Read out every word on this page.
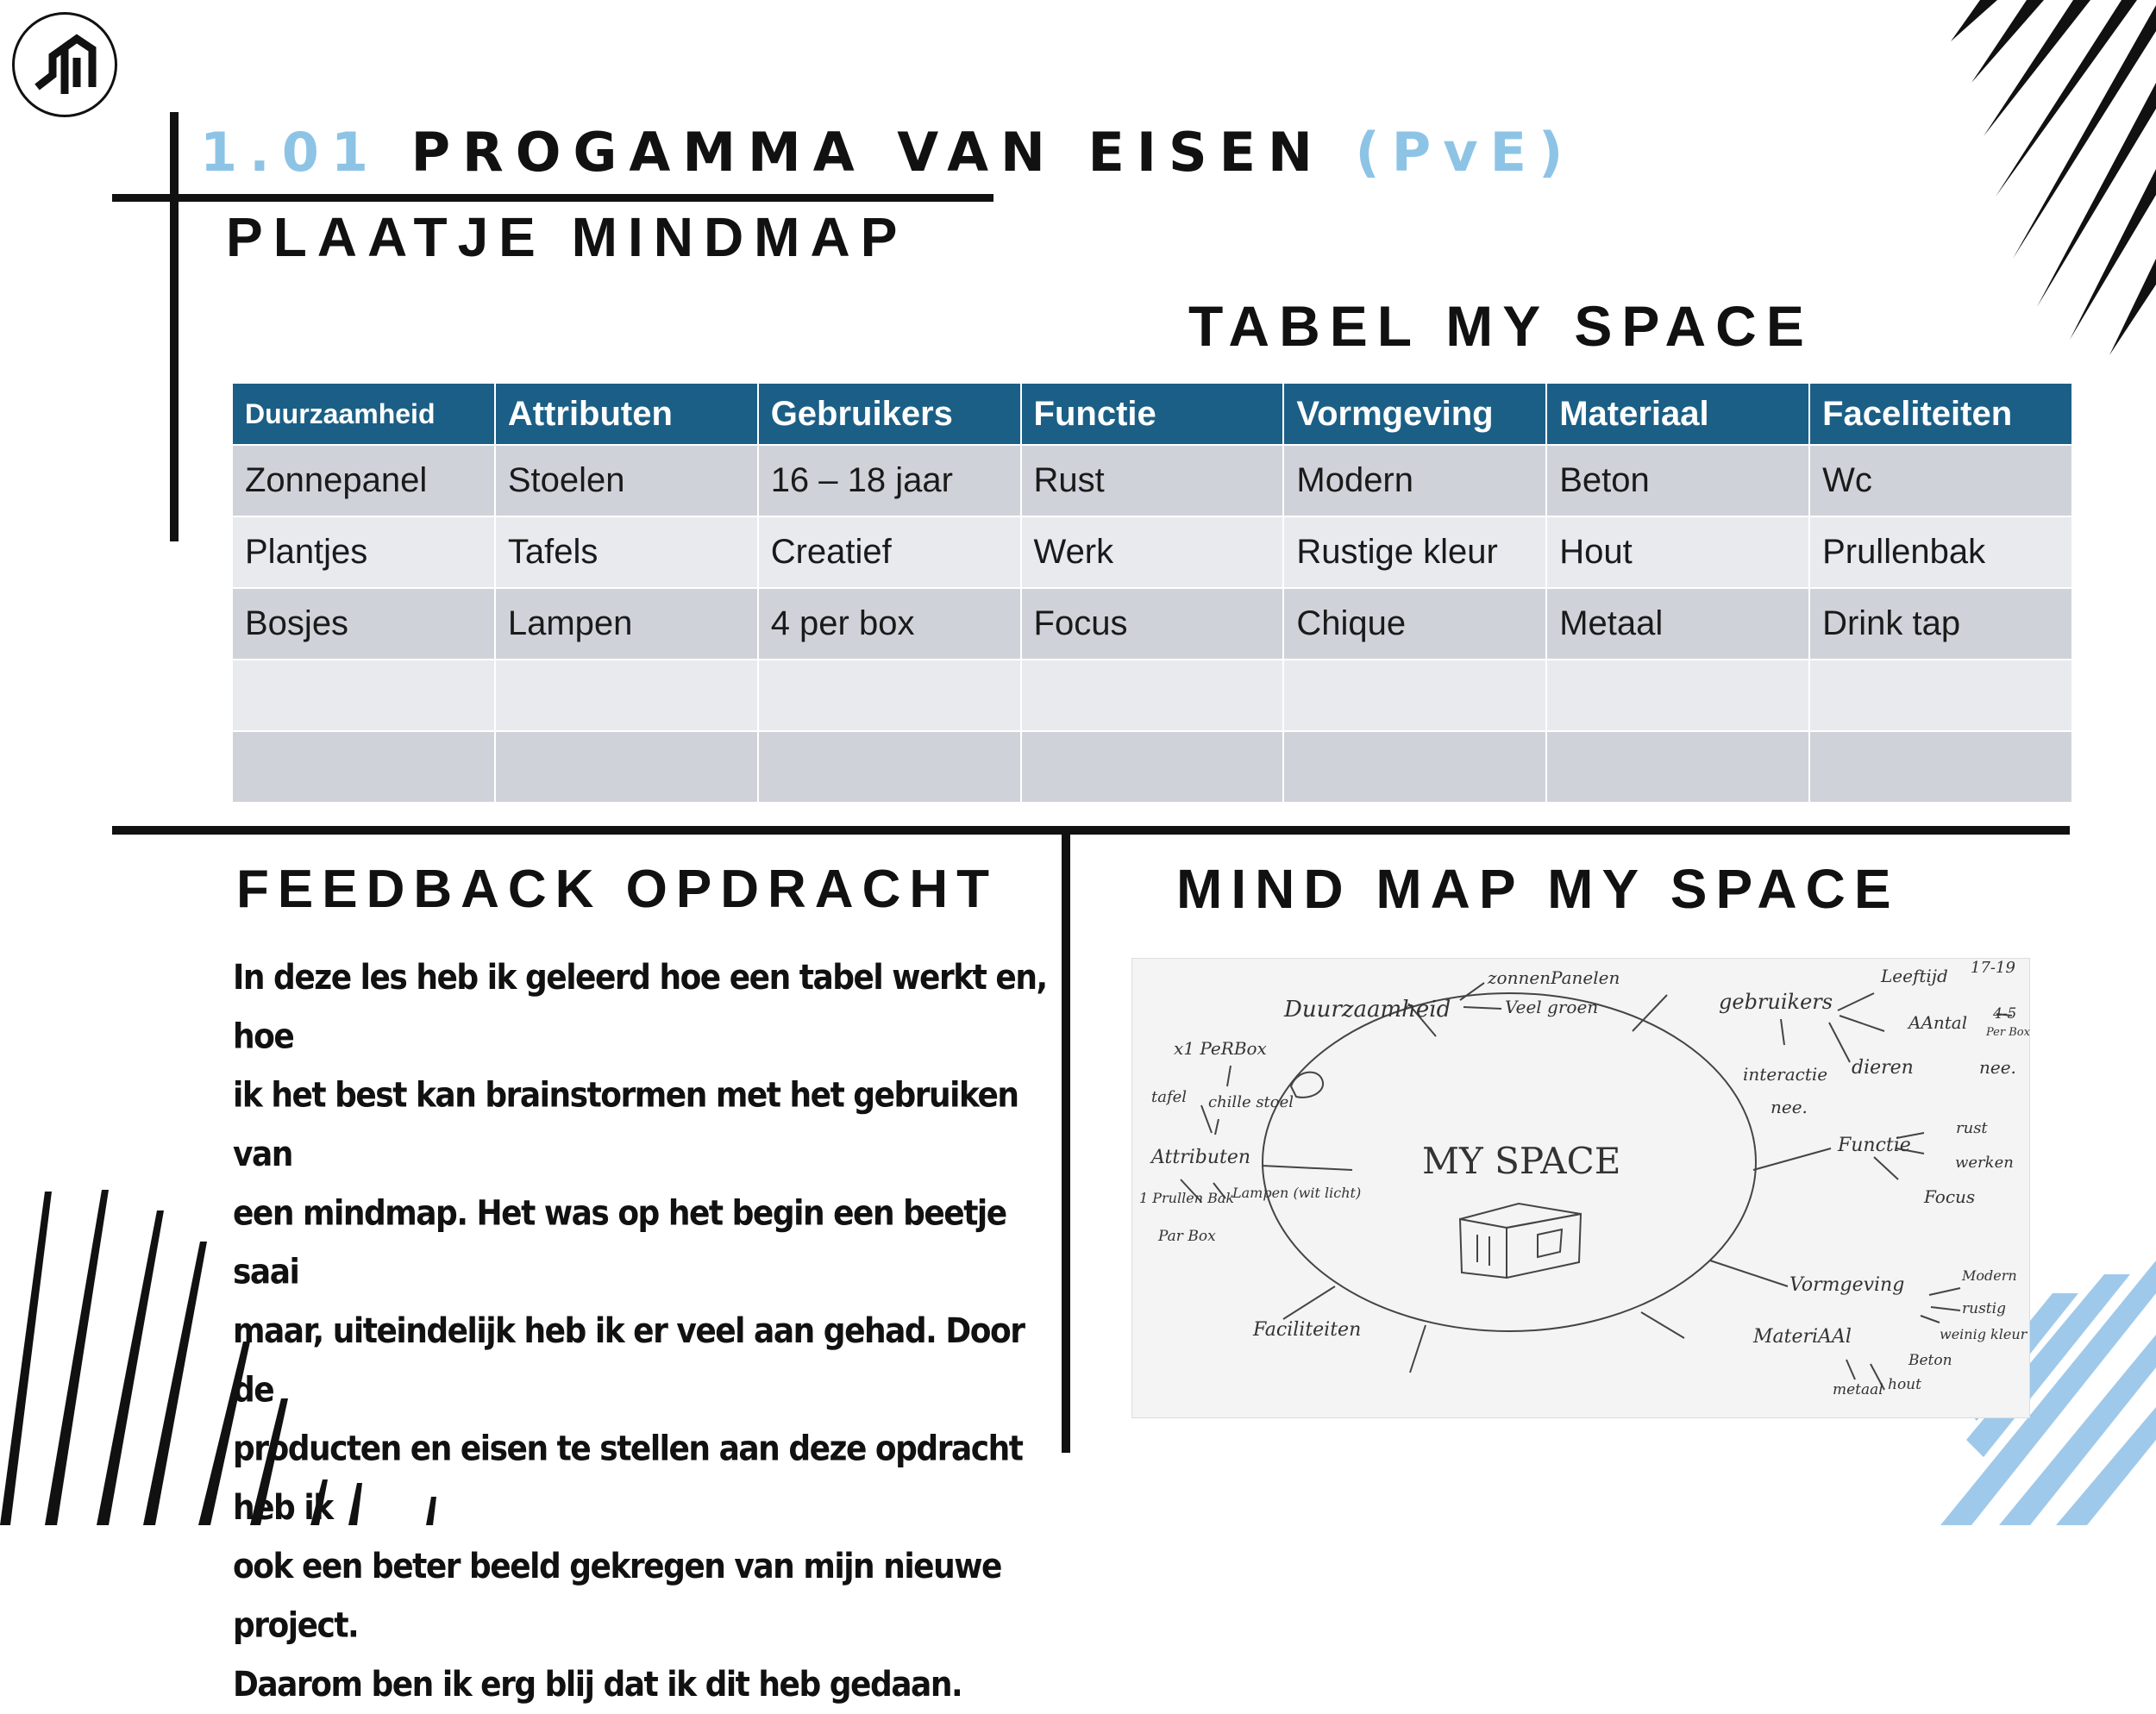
1.01 PROGAMMA VAN EISEN (PvE)
PLAATJE MINDMAP
TABEL MY SPACE
Duurzaamheid	Attributen	Gebruikers	Functie	Vormgeving	Materiaal	Faceliteiten
Zonnepanel	Stoelen	16 – 18 jaar	Rust	Modern	Beton	Wc
Plantjes	Tafels	Creatief	Werk	Rustige kleur	Hout	Prullenbak
Bosjes	Lampen	4 per box	Focus	Chique	Metaal	Drink tap

FEEDBACK OPDRACHT
In deze les heb ik geleerd hoe een tabel werkt en, hoe
ik het best kan brainstormen met het gebruiken van
een mindmap. Het was op het begin een beetje saai
maar, uiteindelijk heb ik er veel aan gehad. Door de
producten en eisen te stellen aan deze opdracht heb ik
ook een beter beeld gekregen van mijn nieuwe project.
Daarom ben ik erg blij dat ik dit heb gedaan.
MIND MAP MY SPACE
MY SPACE
Duurzaamheid
zonnenPanelen
Veel groen
x1 PeRBox
tafel chille stoel
Attributen
1 Prullen Bak
Par Box
Lampen (wit licht)
gebruikers
Leeftijd 17-19
AAntal 4-5
Per Box
interactie
nee.
dieren	nee.
Functie
rust
werken
Focus
Vormgeving	Modern
rustig
weinig kleur
Faciliteiten	MateriAAl
Beton
hout
metaal
